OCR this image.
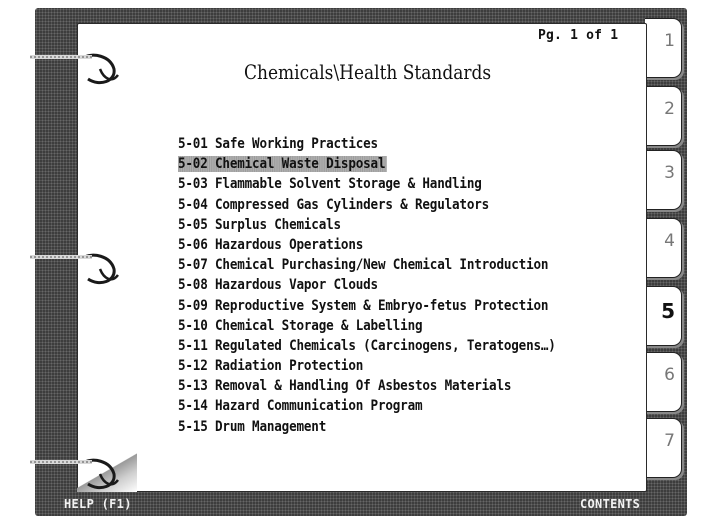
1
2
3
4
5
6
7
Pg. 1 of 1
Chemicals\Health Standards
5-01 Safe Working Practices
5-02 Chemical Waste Disposal
5-03 Flammable Solvent Storage & Handling
5-04 Compressed Gas Cylinders & Regulators
5-05 Surplus Chemicals
5-06 Hazardous Operations
5-07 Chemical Purchasing/New Chemical Introduction
5-08 Hazardous Vapor Clouds
5-09 Reproductive System & Embryo-fetus Protection
5-10 Chemical Storage & Labelling
5-11 Regulated Chemicals (Carcinogens, Teratogens…)
5-12 Radiation Protection
5-13 Removal & Handling Of Asbestos Materials
5-14 Hazard Communication Program
5-15 Drum Management
HELP (F1)	CONTENTS
